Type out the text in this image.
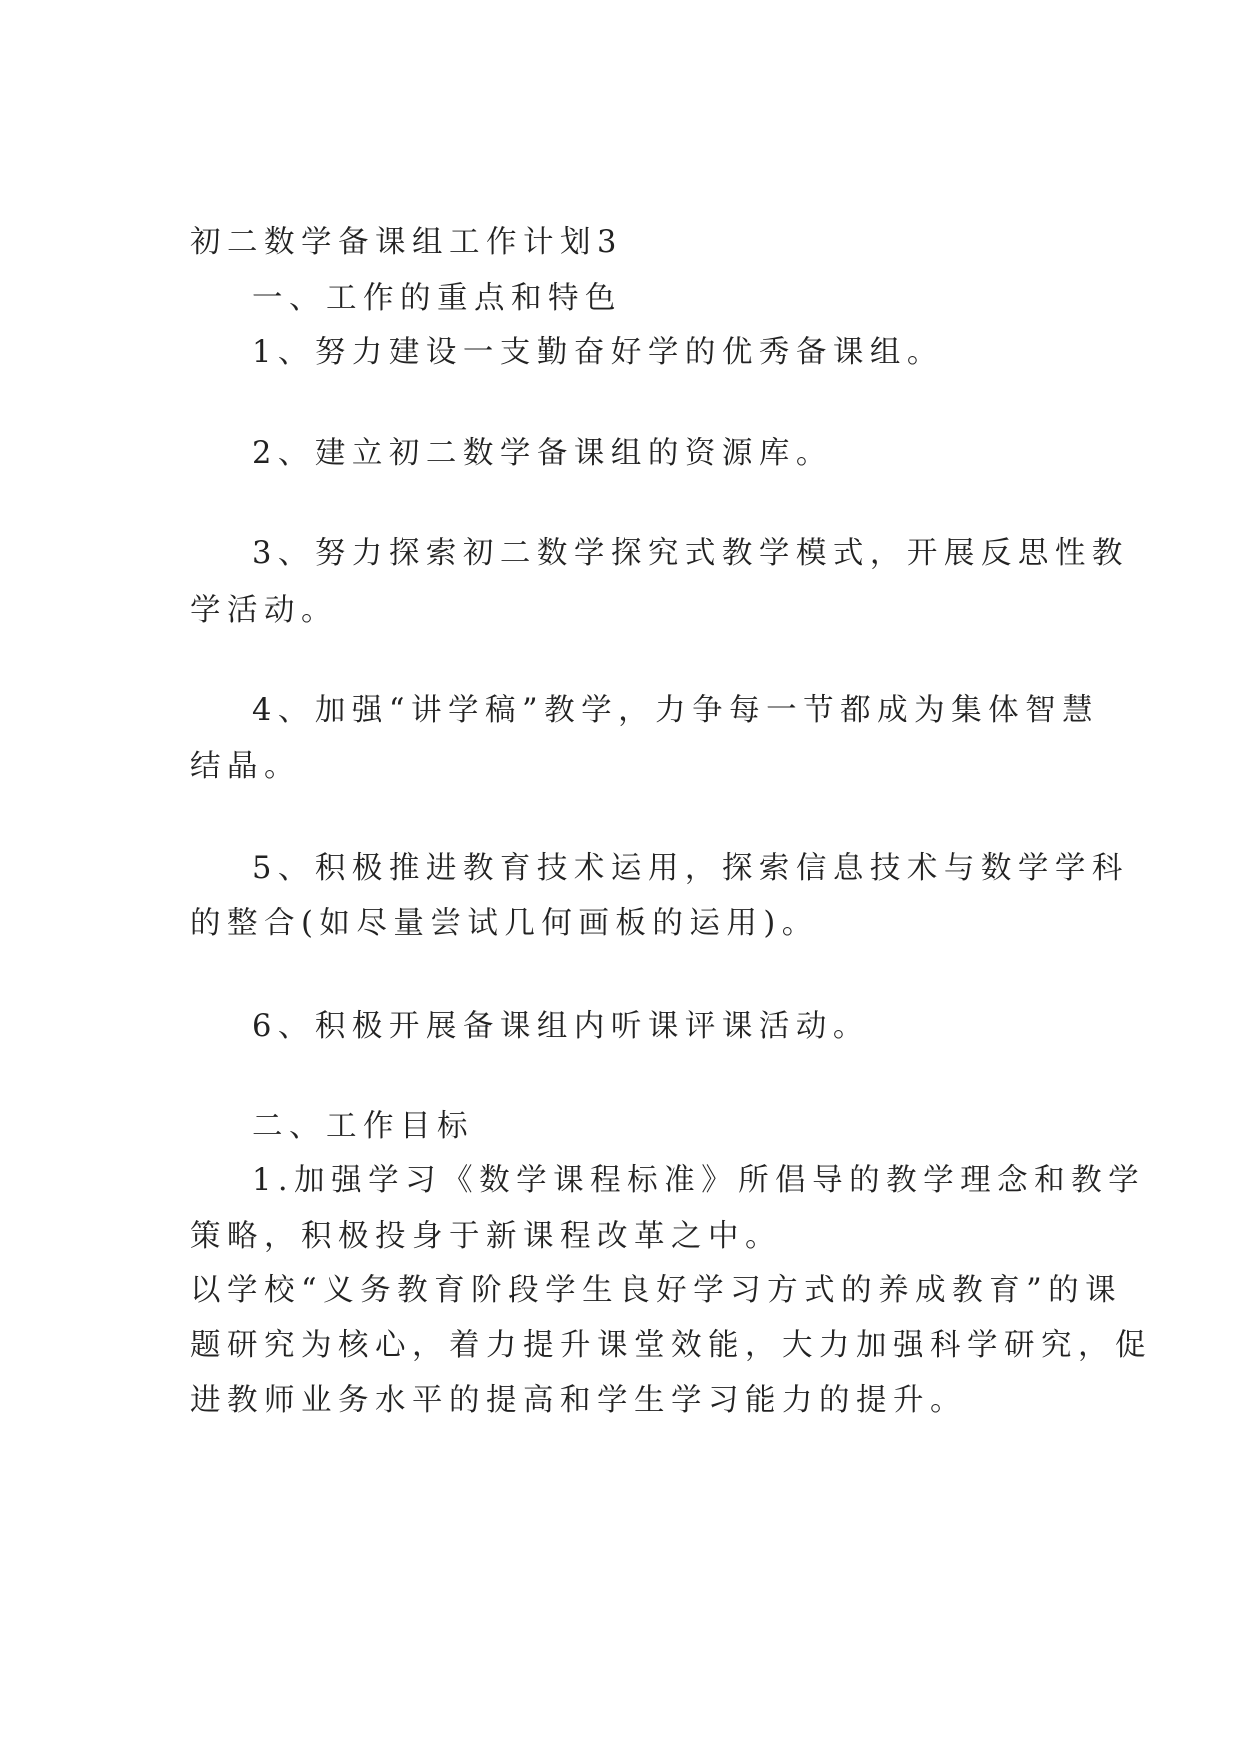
初二数学备课组工作计划3
一、工作的重点和特色
1、努力建设一支勤奋好学的优秀备课组。
2、建立初二数学备课组的资源库。
3、努力探索初二数学探究式教学模式，开展反思性教
学活动。
4、加强“讲学稿”教学，力争每一节都成为集体智慧
结晶。
5、积极推进教育技术运用，探索信息技术与数学学科
的整合(如尽量尝试几何画板的运用)。
6、积极开展备课组内听课评课活动。
二、工作目标
1.加强学习《数学课程标准》所倡导的教学理念和教学
策略，积极投身于新课程改革之中。
以学校“义务教育阶段学生良好学习方式的养成教育”的课
题研究为核心，着力提升课堂效能，大力加强科学研究，促
进教师业务水平的提高和学生学习能力的提升。
